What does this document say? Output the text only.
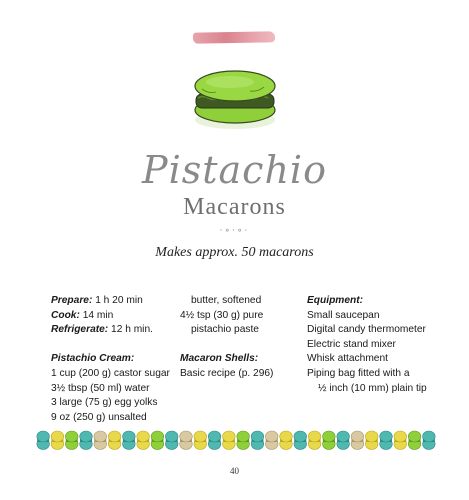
Pistachio
Macarons
·∘·∘·
Makes approx. 50 macarons
Prepare: 1 h 20 min
Cook: 14 min
Refrigerate: 12 h min.
Pistachio Cream:
1 cup (200 g) castor sugar
3½ tbsp (50 ml) water
3 large (75 g) egg yolks
9 oz (250 g) unsalted
butter, softened
4½ tsp (30 g) pure
pistachio paste
Macaron Shells:
Basic recipe (p. 296)
Equipment:
Small saucepan
Digital candy thermometer
Electric stand mixer
Whisk attachment
Piping bag fitted with a
½ inch (10 mm) plain tip
40
